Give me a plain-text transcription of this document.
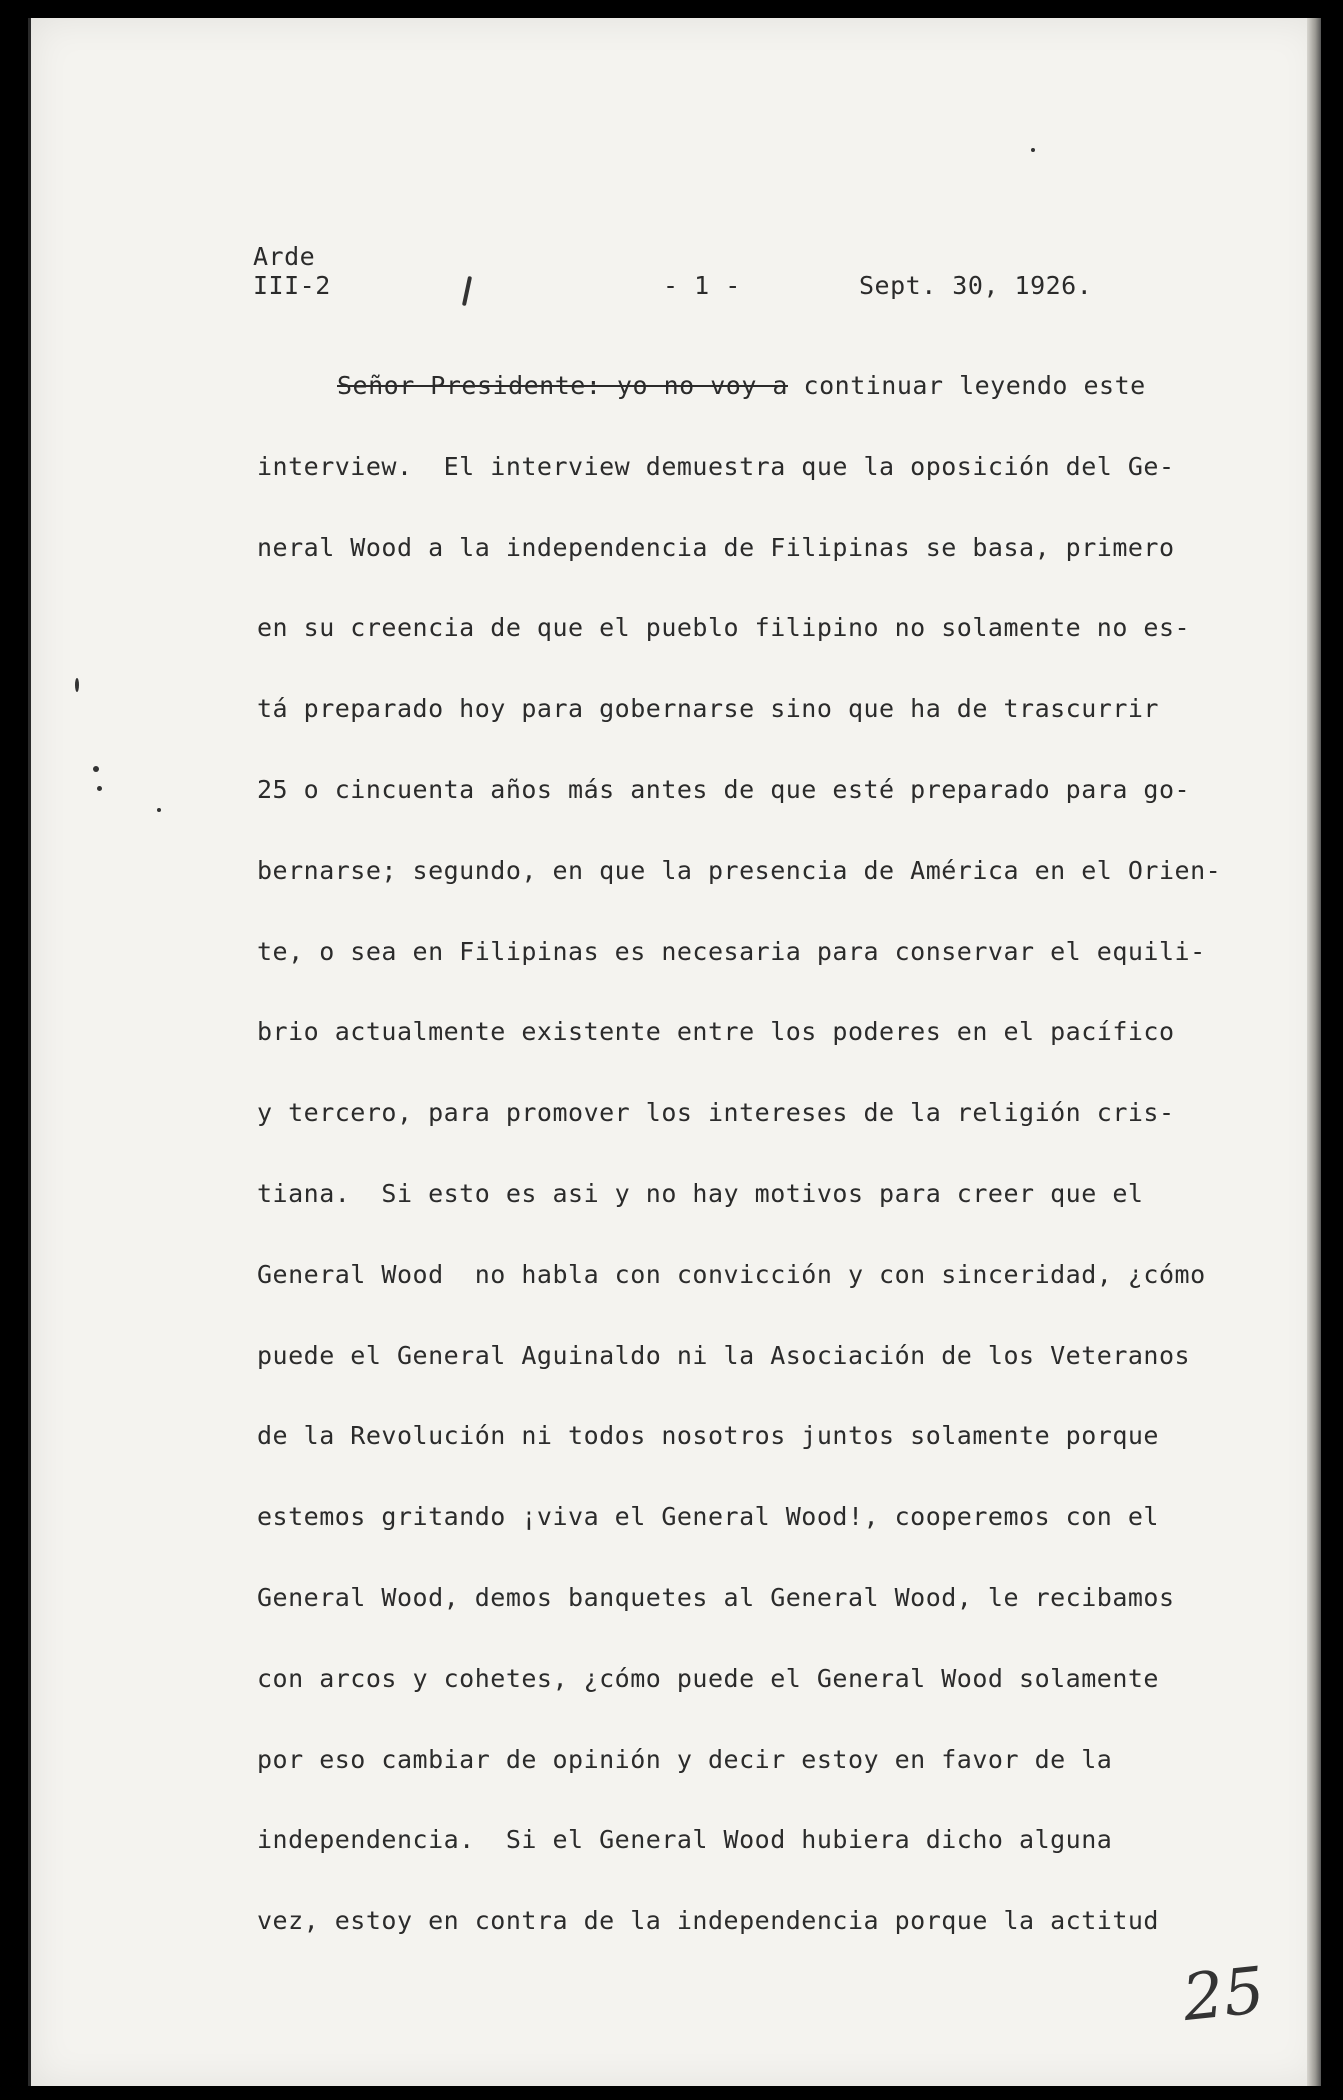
Arde
III-2	- 1 -	Sept. 30, 1926.
Señor Presidente: yo no voy a continuar leyendo este
interview.  El interview demuestra que la oposición del Ge-
neral Wood a la independencia de Filipinas se basa, primero
en su creencia de que el pueblo filipino no solamente no es-
tá preparado hoy para gobernarse sino que ha de trascurrir
25 o cincuenta años más antes de que esté preparado para go-
bernarse; segundo, en que la presencia de América en el Orien-
te, o sea en Filipinas es necesaria para conservar el equili-
brio actualmente existente entre los poderes en el pacífico
y tercero, para promover los intereses de la religión cris-
tiana.  Si esto es asi y no hay motivos para creer que el
General Wood  no habla con convicción y con sinceridad, ¿cómo
puede el General Aguinaldo ni la Asociación de los Veteranos
de la Revolución ni todos nosotros juntos solamente porque
estemos gritando ¡viva el General Wood!, cooperemos con el
General Wood, demos banquetes al General Wood, le recibamos
con arcos y cohetes, ¿cómo puede el General Wood solamente
por eso cambiar de opinión y decir estoy en favor de la
independencia.  Si el General Wood hubiera dicho alguna
vez, estoy en contra de la independencia porque la actitud
25
